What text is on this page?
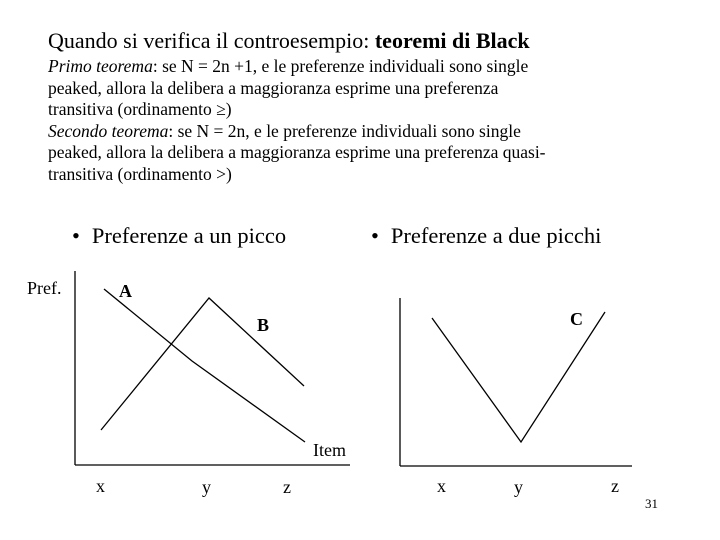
Quando si verifica il controesempio: teoremi di Black

Primo teorema: se N = 2n +1, e le preferenze individuali sono single

peaked, allora la delibera a maggioranza esprime una preferenza

transitiva (ordinamento ≥)

Secondo teorema: se N = 2n, e le preferenze individuali sono single

peaked, allora la delibera a maggioranza esprime una preferenza quasi-

transitiva (ordinamento >)

• Preferenze a un picco	• Preferenze a due picchi
Pref.	A
B	C
Item
x	y	z	x	y	z
31
